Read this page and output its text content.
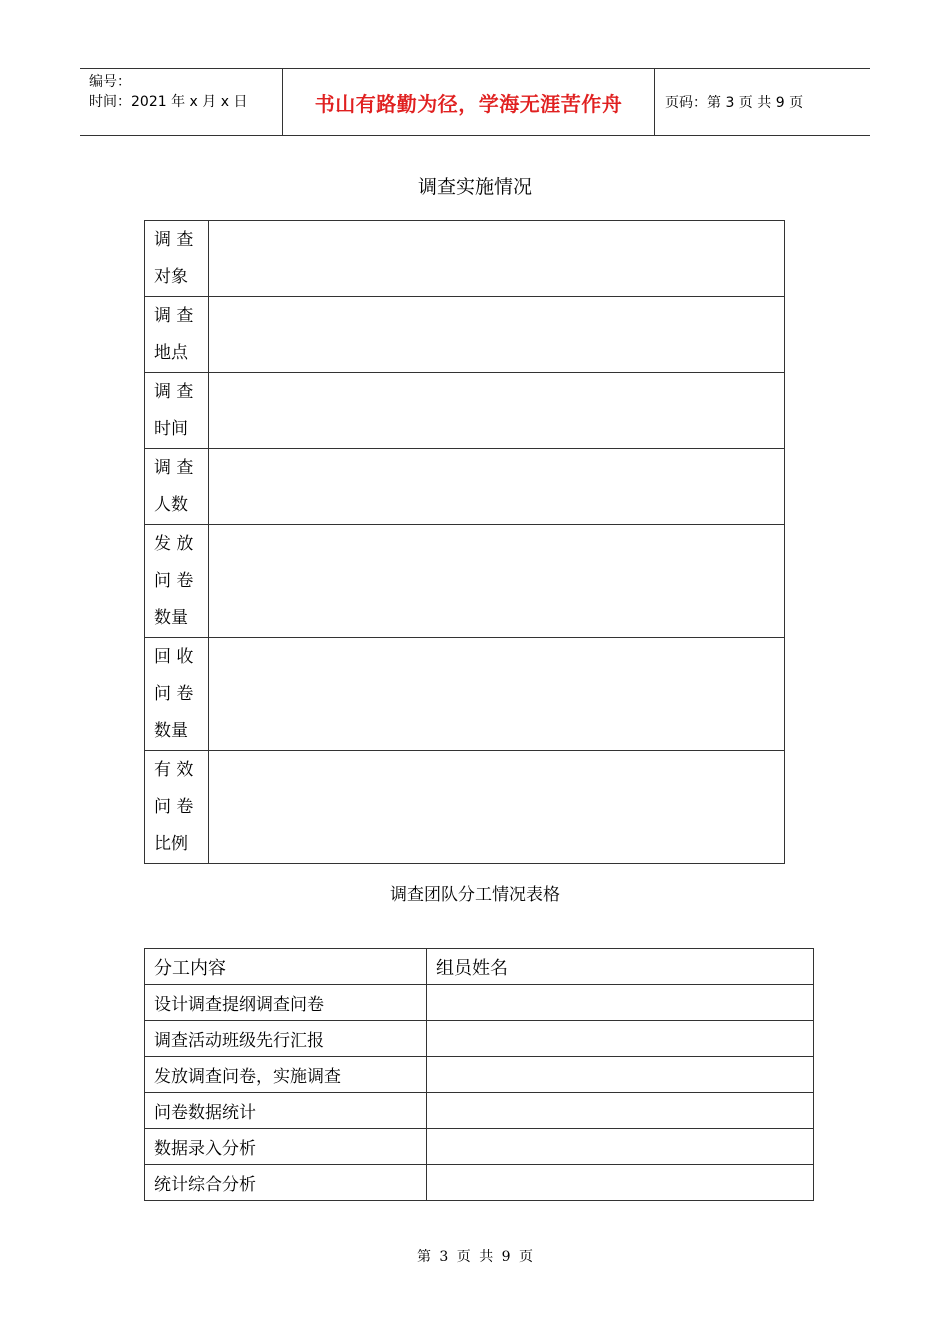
编号：
时间：2021 年 x 月 x 日	书山有路勤为径，学海无涯苦作舟	页码：第 3 页 共 9 页
调查实施情况
调 查
对象	

调 查
地点	

调 查
时间	

调 查
人数	

发 放
问 卷
数量	

回 收
问 卷
数量	

有 效
问 卷
比例	

调查团队分工情况表格
分工内容	组员姓名
设计调查提纲调查问卷	
调查活动班级先行汇报	
发放调查问卷，实施调查	
问卷数据统计	
数据录入分析	
统计综合分析	
第 3 页 共 9 页
